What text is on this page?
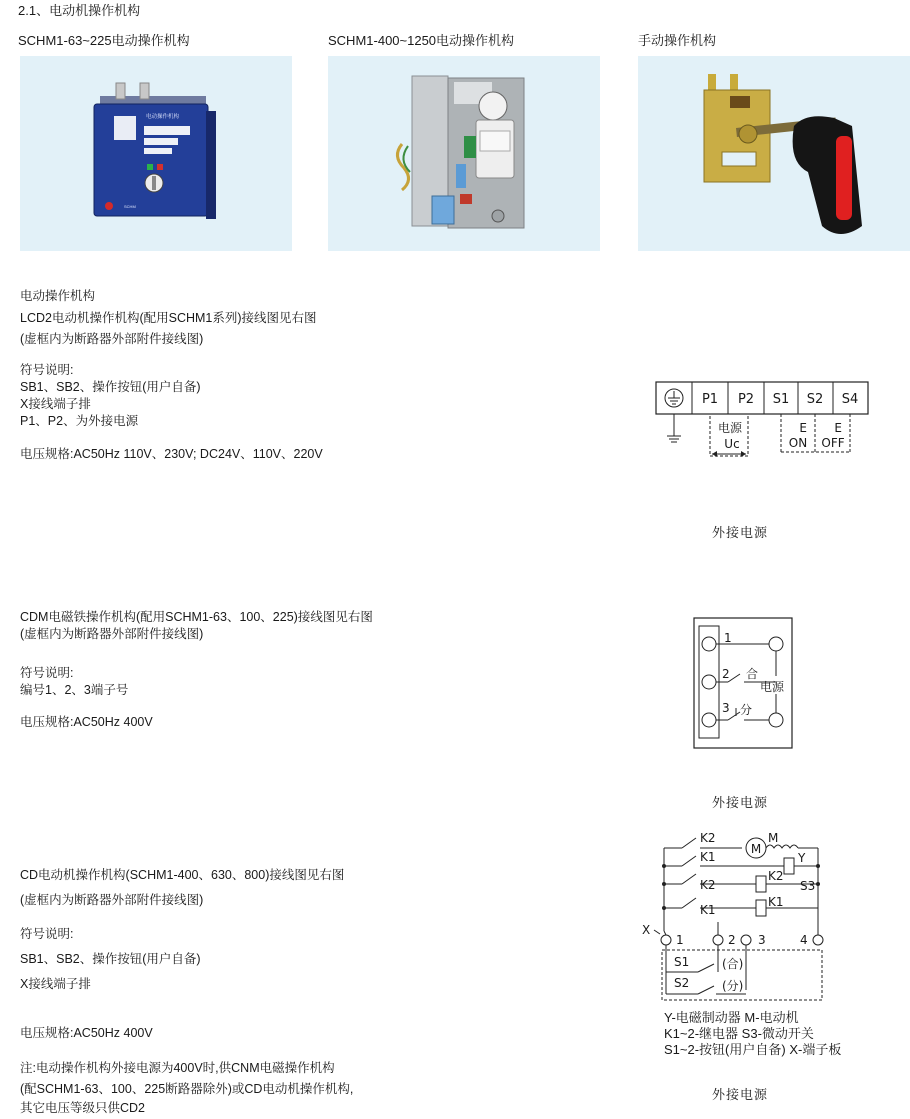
2.1、电动机操作机构
SCHM1-63~225电动操作机构	SCHM1-400~1250电动操作机构	手动操作机构
电动操作机构
SCHM
电动操作机构
LCD2电动机操作机构(配用SCHM1系列)接线图见右图
(虚框内为断路器外部附件接线图)
符号说明:
SB1、SB2、操作按钮(用户自备)
X接线端子排
P1、P2、为外接电源
电压规格:AC50Hz 110V、230V; DC24V、110V、220V
P1 P2 S1 S2 S4
电源
Uc
E E
ON OFF
外接电源
CDM电磁铁操作机构(配用SCHM1-63、100、225)接线图见右图
(虚框内为断路器外部附件接线图)
符号说明:
编号1、2、3端子号
电压规格:AC50Hz 400V
1
2
3
合
电源
分
外接电源
CD电动机操作机构(SCHM1-400、630、800)接线图见右图
(虚框内为断路器外部附件接线图)
符号说明:
SB1、SB2、操作按钮(用户自备)
X接线端子排
电压规格:AC50Hz 400V
注:电动操作机构外接电源为400V时,供CNM电磁操作机构
(配SCHM1-63、100、225断路器除外)或CD电动机操作机构,
其它电压等级只供CD2
K2
M
M
K1	Y
K2
K2
S3
K1
K1
X
1	2 3	4
S1	(合)
S2	(分)
Y-电磁制动器 M-电动机
K1~2-继电器 S3-微动开关
S1~2-按钮(用户自备) X-端子板
外接电源
